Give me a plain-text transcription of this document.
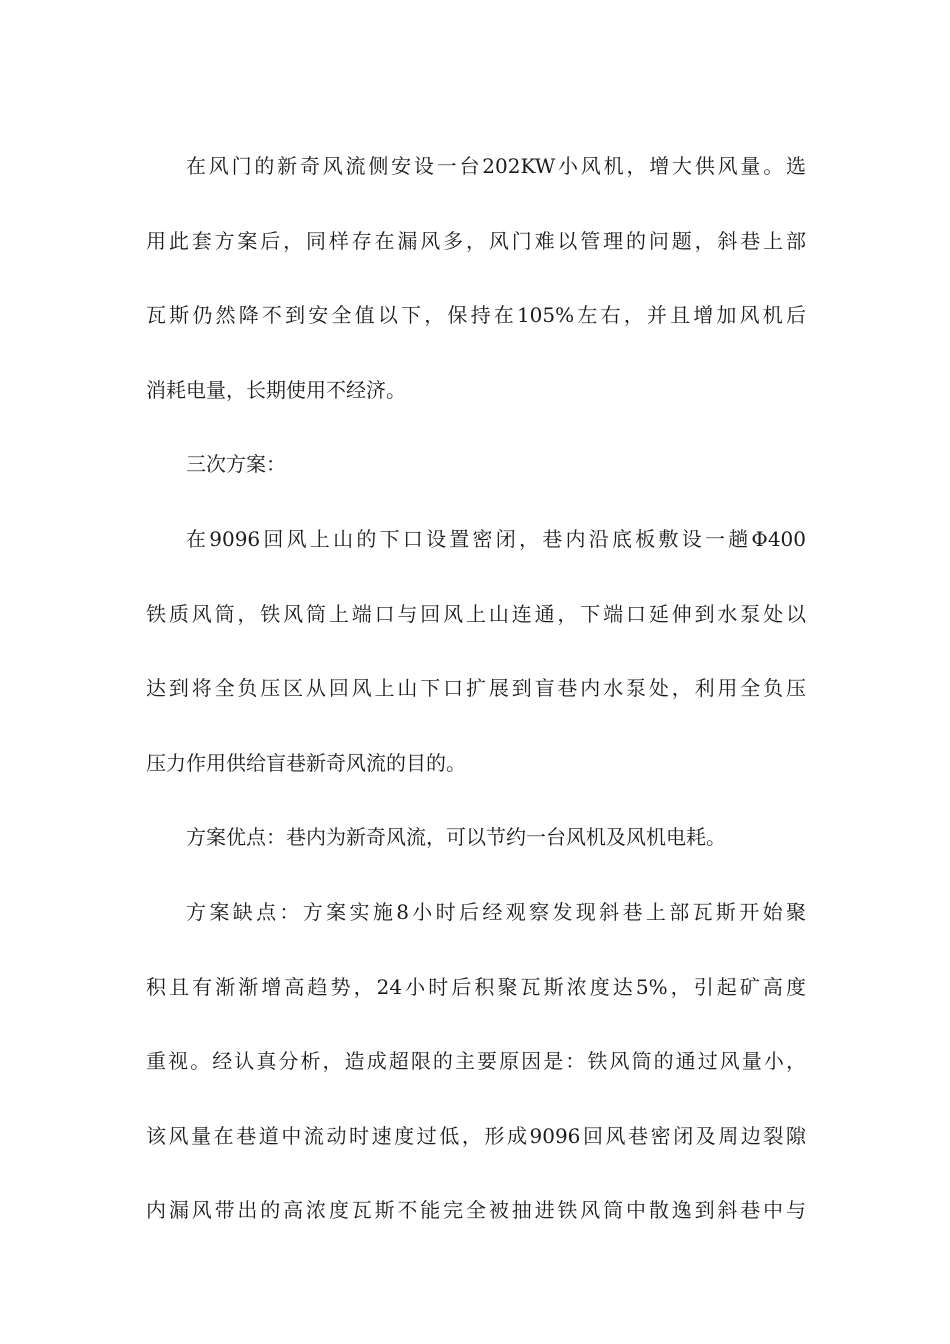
在风门的新奇风流侧安设一台202KW小风机，增大供风量。选
用此套方案后，同样存在漏风多，风门难以管理的问题，斜巷上部
瓦斯仍然降不到安全值以下，保持在105%左右，并且增加风机后
消耗电量，长期使用不经济。

三次方案：

在9096回风上山的下口设置密闭，巷内沿底板敷设一趟Φ400
铁质风筒，铁风筒上端口与回风上山连通，下端口延伸到水泵处以
达到将全负压区从回风上山下口扩展到盲巷内水泵处，利用全负压
压力作用供给盲巷新奇风流的目的。

方案优点：巷内为新奇风流，可以节约一台风机及风机电耗。

方案缺点：方案实施8小时后经观察发现斜巷上部瓦斯开始聚
积且有渐渐增高趋势，24小时后积聚瓦斯浓度达5%，引起矿高度
重视。经认真分析，造成超限的主要原因是：铁风筒的通过风量小，
该风量在巷道中流动时速度过低，形成9096回风巷密闭及周边裂隙
内漏风带出的高浓度瓦斯不能完全被抽进铁风筒中散逸到斜巷中与
